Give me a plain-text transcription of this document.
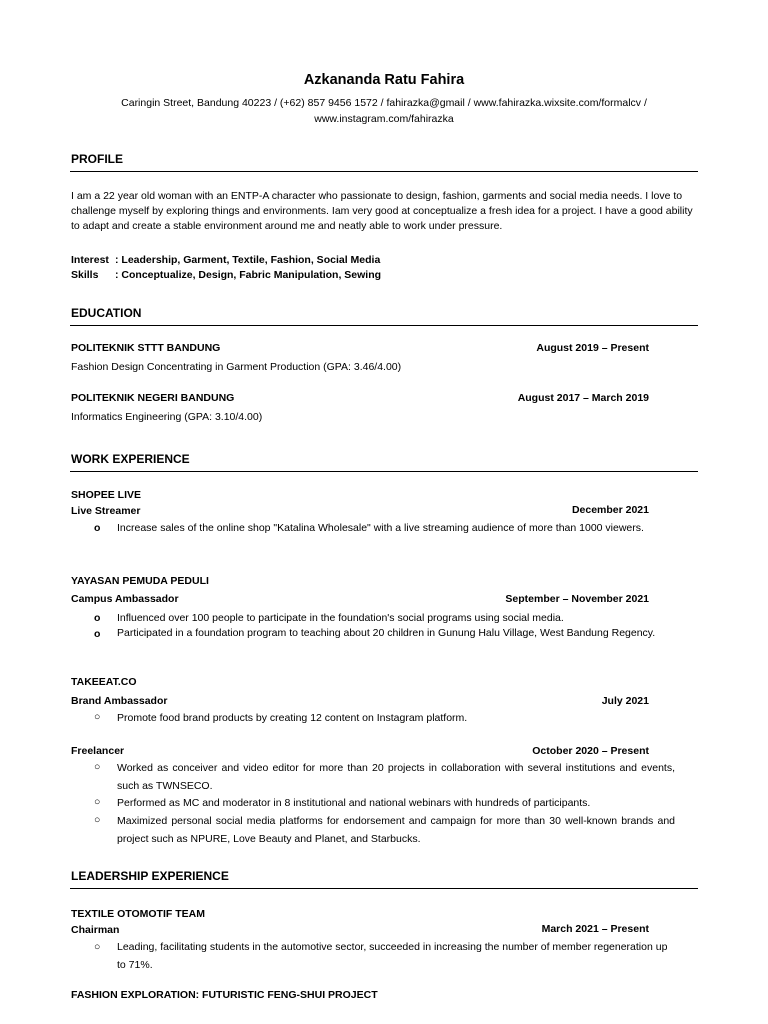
Azkananda Ratu Fahira
Caringin Street, Bandung 40223 / (+62) 857 9456 1572 / fahirazka@gmail / www.fahirazka.wixsite.com/formalcv /
www.instagram.com/fahirazka
PROFILE
I am a 22 year old woman with an ENTP-A character who passionate to design, fashion, garments and social media needs. I love to challenge myself by exploring things and environments. Iam very good at conceptualize a fresh idea for a project. I have a good ability to adapt and create a stable environment around me and neatly able to work under pressure.
Interest : Leadership, Garment, Textile, Fashion, Social Media
Skills : Conceptualize, Design, Fabric Manipulation, Sewing
EDUCATION
POLITEKNIK STTT BANDUNG	August 2019 – Present
Fashion Design Concentrating in Garment Production (GPA: 3.46/4.00)
POLITEKNIK NEGERI BANDUNG	August 2017 – March 2019
Informatics Engineering (GPA: 3.10/4.00)
WORK EXPERIENCE
SHOPEE LIVE
Live Streamer	December 2021
o Increase sales of the online shop "Katalina Wholesale" with a live streaming audience of more than 1000 viewers.
YAYASAN PEMUDA PEDULI
Campus Ambassador	September – November 2021
o Influenced over 100 people to participate in the foundation's social programs using social media.
o Participated in a foundation program to teaching about 20 children in Gunung Halu Village, West Bandung Regency.
TAKEEAT.CO
Brand Ambassador	July 2021
○ Promote food brand products by creating 12 content on Instagram platform.
Freelancer	October 2020 – Present
○ Worked as conceiver and video editor for more than 20 projects in collaboration with several institutions and events, such as TWNSECO.
○ Performed as MC and moderator in 8 institutional and national webinars with hundreds of participants.
○ Maximized personal social media platforms for endorsement and campaign for more than 30 well-known brands and project such as NPURE, Love Beauty and Planet, and Starbucks.
LEADERSHIP EXPERIENCE
TEXTILE OTOMOTIF TEAM
Chairman	March 2021 – Present
○ Leading, facilitating students in the automotive sector, succeeded in increasing the number of member regeneration up to 71%.
FASHION EXPLORATION: FUTURISTIC FENG-SHUI PROJECT
